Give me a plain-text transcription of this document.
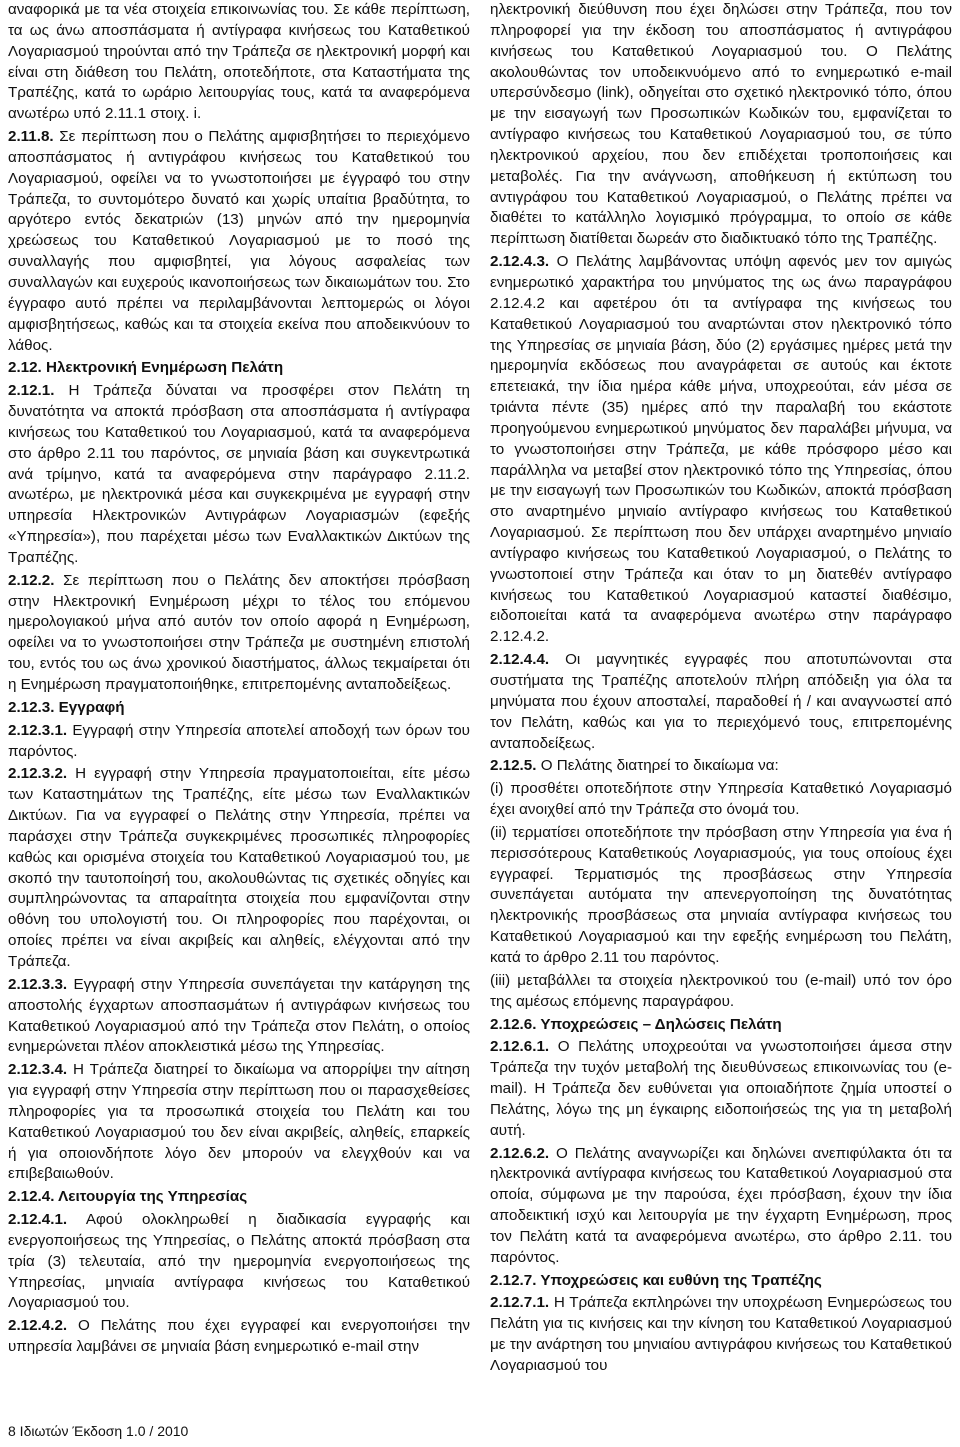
αναφορικά με τα νέα στοιχεία επικοινωνίας του. Σε κάθε περίπτωση, τα ως άνω αποσπάσματα ή αντίγραφα κινήσεως του Καταθετικού Λογαριασμού τηρούνται από την Τράπεζα σε ηλεκτρονική μορφή και είναι στη διάθεση του Πελάτη, οποτεδήποτε, στα Καταστήματα της Τραπέζης, κατά το ωράριο λειτουργίας τους, κατά τα αναφερόμενα ανωτέρω υπό 2.11.1 στοιχ. i.

2.11.8. Σε περίπτωση που ο Πελάτης αμφισβητήσει το περιεχόμενο αποσπάσματος ή αντιγράφου κινήσεως του Καταθετικού του Λογαριασμού, οφείλει να το γνωστοποιήσει με έγγραφό του στην Τράπεζα, το συντομότερο δυνατό και χωρίς υπαίτια βραδύτητα, το αργότερο εντός δεκατριών (13) μηνών από την ημερομηνία χρεώσεως του Καταθετικού Λογαριασμού με το ποσό της συναλλαγής που αμφισβητεί, για λόγους ασφαλείας των συναλλαγών και ευχερούς ικανοποιήσεως των δικαιωμάτων του. Στο έγγραφο αυτό πρέπει να περιλαμβάνονται λεπτομερώς οι λόγοι αμφισβητήσεως, καθώς και τα στοιχεία εκείνα που αποδεικνύουν το λάθος.

2.12. Ηλεκτρονική Ενημέρωση Πελάτη

2.12.1. Η Τράπεζα δύναται να προσφέρει στον Πελάτη τη δυνατότητα να αποκτά πρόσβαση στα αποσπάσματα ή αντίγραφα κινήσεως του Καταθετικού του Λογαριασμού, κατά τα αναφερόμενα στο άρθρο 2.11 του παρόντος, σε μηνιαία βάση και συγκεντρωτικά ανά τρίμηνο, κατά τα αναφερόμενα στην παράγραφο 2.11.2. ανωτέρω, με ηλεκτρονικά μέσα και συγκεκριμένα με εγγραφή στην υπηρεσία Ηλεκτρονικών Αντιγράφων Λογαριασμών (εφεξής «Υπηρεσία»), που παρέχεται μέσω των Εναλλακτικών Δικτύων της Τραπέζης.

2.12.2. Σε περίπτωση που ο Πελάτης δεν αποκτήσει πρόσβαση στην Ηλεκτρονική Ενημέρωση μέχρι το τέλος του επόμενου ημερολογιακού μήνα από αυτόν τον οποίο αφορά η Ενημέρωση, οφείλει να το γνωστοποιήσει στην Τράπεζα με συστημένη επιστολή του, εντός του ως άνω χρονικού διαστήματος, άλλως τεκμαίρεται ότι η Ενημέρωση πραγματοποιήθηκε, επιτρεπομένης ανταποδείξεως.

2.12.3. Εγγραφή

2.12.3.1. Εγγραφή στην Υπηρεσία αποτελεί αποδοχή των όρων του παρόντος.

2.12.3.2. Η εγγραφή στην Υπηρεσία πραγματοποιείται, είτε μέσω των Καταστημάτων της Τραπέζης, είτε μέσω των Εναλλακτικών Δικτύων. Για να εγγραφεί ο Πελάτης στην Υπηρεσία, πρέπει να παράσχει στην Τράπεζα συγκεκριμένες προσωπικές πληροφορίες καθώς και ορισμένα στοιχεία του Καταθετικού Λογαριασμού του, με σκοπό την ταυτοποίησή του, ακολουθώντας τις σχετικές οδηγίες και συμπληρώνοντας τα απαραίτητα στοιχεία που εμφανίζονται στην οθόνη του υπολογιστή του. Οι πληροφορίες που παρέχονται, οι οποίες πρέπει να είναι ακριβείς και αληθείς, ελέγχονται από την Τράπεζα.

2.12.3.3. Εγγραφή στην Υπηρεσία συνεπάγεται την κατάργηση της αποστολής έγχαρτων αποσπασμάτων ή αντιγράφων κινήσεως του Καταθετικού Λογαριασμού από την Τράπεζα στον Πελάτη, ο οποίος ενημερώνεται πλέον αποκλειστικά μέσω της Υπηρεσίας.

2.12.3.4. Η Τράπεζα διατηρεί το δικαίωμα να απορρίψει την αίτηση για εγγραφή στην Υπηρεσία στην περίπτωση που οι παρασχεθείσες πληροφορίες για τα προσωπικά στοιχεία του Πελάτη και του Καταθετικού Λογαριασμού του δεν είναι ακριβείς, αληθείς, επαρκείς ή για οποιονδήποτε λόγο δεν μπορούν να ελεγχθούν και να επιβεβαιωθούν.

2.12.4. Λειτουργία της Υπηρεσίας

2.12.4.1. Αφού ολοκληρωθεί η διαδικασία εγγραφής και ενεργοποιήσεως της Υπηρεσίας, ο Πελάτης αποκτά πρόσβαση στα τρία (3) τελευταία, από την ημερομηνία ενεργοποιήσεως της Υπηρεσίας, μηνιαία αντίγραφα κινήσεως του Καταθετικού Λογαριασμού του.

2.12.4.2. Ο Πελάτης που έχει εγγραφεί και ενεργοποιήσει την υπηρεσία λαμβάνει σε μηνιαία βάση ενημερωτικό e-mail στην

ηλεκτρονική διεύθυνση που έχει δηλώσει στην Τράπεζα, που τον πληροφορεί για την έκδοση του αποσπάσματος ή αντιγράφου κινήσεως του Καταθετικού Λογαριασμού του. Ο Πελάτης ακολουθώντας τον υποδεικνυόμενο από το ενημερωτικό e-mail υπερσύνδεσμο (link), οδηγείται στο σχετικό ηλεκτρονικό τόπο, όπου με την εισαγωγή των Προσωπικών Κωδικών του, εμφανίζεται το αντίγραφο κινήσεως του Καταθετικού Λογαριασμού του, σε τύπο ηλεκτρονικού αρχείου, που δεν επιδέχεται τροποποιήσεις και μεταβολές. Για την ανάγνωση, αποθήκευση ή εκτύπωση του αντιγράφου του Καταθετικού Λογαριασμού, ο Πελάτης πρέπει να διαθέτει το κατάλληλο λογισμικό πρόγραμμα, το οποίο σε κάθε περίπτωση διατίθεται δωρεάν στο διαδικτυακό τόπο της Τραπέζης.

2.12.4.3. Ο Πελάτης λαμβάνοντας υπόψη αφενός μεν τον αμιγώς ενημερωτικό χαρακτήρα του μηνύματος της ως άνω παραγράφου 2.12.4.2 και αφετέρου ότι τα αντίγραφα της κινήσεως του Καταθετικού Λογαριασμού του αναρτώνται στον ηλεκτρονικό τόπο της Υπηρεσίας σε μηνιαία βάση, δύο (2) εργάσιμες ημέρες μετά την ημερομηνία εκδόσεως που αναγράφεται σε αυτούς και έκτοτε επετειακά, την ίδια ημέρα κάθε μήνα, υποχρεούται, εάν μέσα σε τριάντα πέντε (35) ημέρες από την παραλαβή του εκάστοτε προηγούμενου ενημερωτικού μηνύματος δεν παραλάβει μήνυμα, να το γνωστοποιήσει στην Τράπεζα, με κάθε πρόσφορο μέσο και παράλληλα να μεταβεί στον ηλεκτρονικό τόπο της Υπηρεσίας, όπου με την εισαγωγή των Προσωπικών του Κωδικών, αποκτά πρόσβαση στο αναρτημένο μηνιαίο αντίγραφο κινήσεως του Καταθετικού Λογαριασμού. Σε περίπτωση που δεν υπάρχει αναρτημένο μηνιαίο αντίγραφο κινήσεως του Καταθετικού Λογαριασμού, ο Πελάτης το γνωστοποιεί στην Τράπεζα και όταν το μη διατεθέν αντίγραφο κινήσεως του Καταθετικού Λογαριασμού καταστεί διαθέσιμο, ειδοποιείται κατά τα αναφερόμενα ανωτέρω στην παράγραφο 2.12.4.2.

2.12.4.4. Οι μαγνητικές εγγραφές που αποτυπώνονται στα συστήματα της Τραπέζης αποτελούν πλήρη απόδειξη για όλα τα μηνύματα που έχουν αποσταλεί, παραδοθεί ή / και αναγνωστεί από τον Πελάτη, καθώς και για το περιεχόμενό τους, επιτρεπομένης ανταποδείξεως.

2.12.5. Ο Πελάτης διατηρεί το δικαίωμα να:

(i) προσθέτει οποτεδήποτε στην Υπηρεσία Καταθετικό Λογαριασμό έχει ανοιχθεί από την Τράπεζα στο όνομά του.

(ii) τερματίσει οποτεδήποτε την πρόσβαση στην Υπηρεσία για ένα ή περισσότερους Καταθετικούς Λογαριασμούς, για τους οποίους έχει εγγραφεί. Τερματισμός της προσβάσεως στην Υπηρεσία συνεπάγεται αυτόματα την απενεργοποίηση της δυνατότητας ηλεκτρονικής προσβάσεως στα μηνιαία αντίγραφα κινήσεως του Καταθετικού Λογαριασμού και την εφεξής ενημέρωση του Πελάτη, κατά το άρθρο 2.11 του παρόντος.

(iii) μεταβάλλει τα στοιχεία ηλεκτρονικού του (e-mail) υπό τον όρο της αμέσως επόμενης παραγράφου.

2.12.6. Υποχρεώσεις – Δηλώσεις Πελάτη

2.12.6.1. Ο Πελάτης υποχρεούται να γνωστοποιήσει άμεσα στην Τράπεζα την τυχόν μεταβολή της διευθύνσεως επικοινωνίας του (e-mail). Η Τράπεζα δεν ευθύνεται για οποιαδήποτε ζημία υποστεί ο Πελάτης, λόγω της μη έγκαιρης ειδοποιήσεώς της για τη μεταβολή αυτή.

2.12.6.2. Ο Πελάτης αναγνωρίζει και δηλώνει ανεπιφύλακτα ότι τα ηλεκτρονικά αντίγραφα κινήσεως του Καταθετικού Λογαριασμού στα οποία, σύμφωνα με την παρούσα, έχει πρόσβαση, έχουν την ίδια αποδεικτική ισχύ και λειτουργία με την έγχαρτη Ενημέρωση, προς τον Πελάτη κατά τα αναφερόμενα ανωτέρω, στο άρθρο 2.11. του παρόντος.

2.12.7. Υποχρεώσεις και ευθύνη της Τραπέζης

2.12.7.1. Η Τράπεζα εκπληρώνει την υποχρέωση Ενημερώσεως του Πελάτη για τις κινήσεις και την κίνηση του Καταθετικού Λογαριασμού με την ανάρτηση του μηνιαίου αντιγράφου κινήσεως του Καταθετικού Λογαριασμού του

8 Ιδιωτών Έκδοση 1.0 / 2010
